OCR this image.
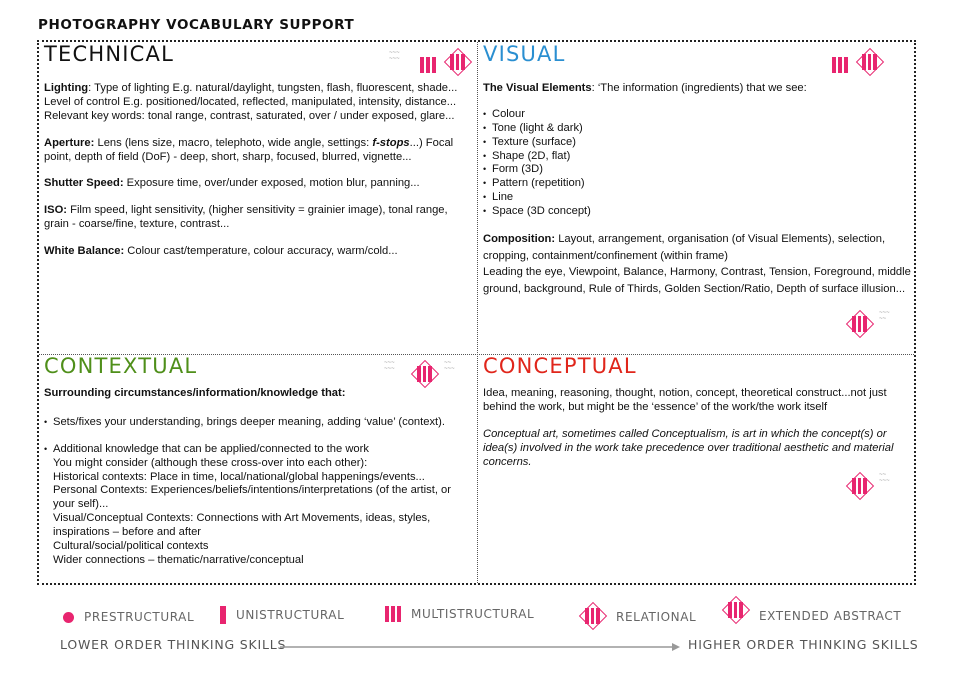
PHOTOGRAPHY VOCABULARY SUPPORT
TECHNICAL

Lighting: Type of lighting E.g. natural/daylight, tungsten, flash, fluorescent, shade... Level of control E.g. positioned/located, reflected, manipulated, intensity, distance... Relevant key words: tonal range, contrast, saturated, over / under exposed, glare...

Aperture: Lens (lens size, macro, telephoto, wide angle, settings: f-stops...) Focal point, depth of field (DoF) - deep, short, sharp, focused, blurred, vignette...

Shutter Speed: Exposure time, over/under exposed, motion blur, panning...

ISO: Film speed, light sensitivity, (higher sensitivity = grainier image), tonal range, grain - coarse/fine, texture, contrast...

White Balance: Colour cast/temperature, colour accuracy, warm/cold...

~~~
~~~	VISUAL

The Visual Elements: ‘The information (ingredients) that we see:

• Colour
• Tone (light & dark)
• Texture (surface)
• Shape (2D, flat)
• Form (3D)
• Pattern (repetition)
• Line
• Space (3D concept)

Composition: Layout, arrangement, organisation (of Visual Elements), selection, cropping, containment/confinement (within frame)

Leading the eye, Viewpoint, Balance, Harmony, Contrast, Tension, Foreground, middle ground, background, Rule of Thirds, Golden Section/Ratio, Depth of surface illusion...

~~~
~~
CONTEXTUAL

Surrounding circumstances/information/knowledge that:

• Sets/fixes your understanding, brings deeper meaning, adding ‘value’ (context).
• Additional knowledge that can be applied/connected to the work

You might consider (although these cross-over into each other):

Historical contexts: Place in time, local/national/global happenings/events...

Personal Contexts: Experiences/beliefs/intentions/interpretations (of the artist, or your self)...

Visual/Conceptual Contexts: Connections with Art Movements, ideas, styles, inspirations – before and after

Cultural/social/political contexts

Wider connections – thematic/narrative/conceptual

~~~
~~~
~~
~~~	CONCEPTUAL

Idea, meaning, reasoning, thought, notion, concept, theoretical construct...not just behind the work, but might be the ‘essence’ of the work/the work itself

Conceptual art, sometimes called Conceptualism, is art in which the concept(s) or idea(s) involved in the work take precedence over traditional aesthetic and material concerns.

~~
~~~
PRESTRUCTURAL	UNISTRUCTURAL	MULTISTRUCTURAL	RELATIONAL	EXTENDED ABSTRACT
LOWER ORDER THINKING SKILLS	HIGHER ORDER THINKING SKILLS
